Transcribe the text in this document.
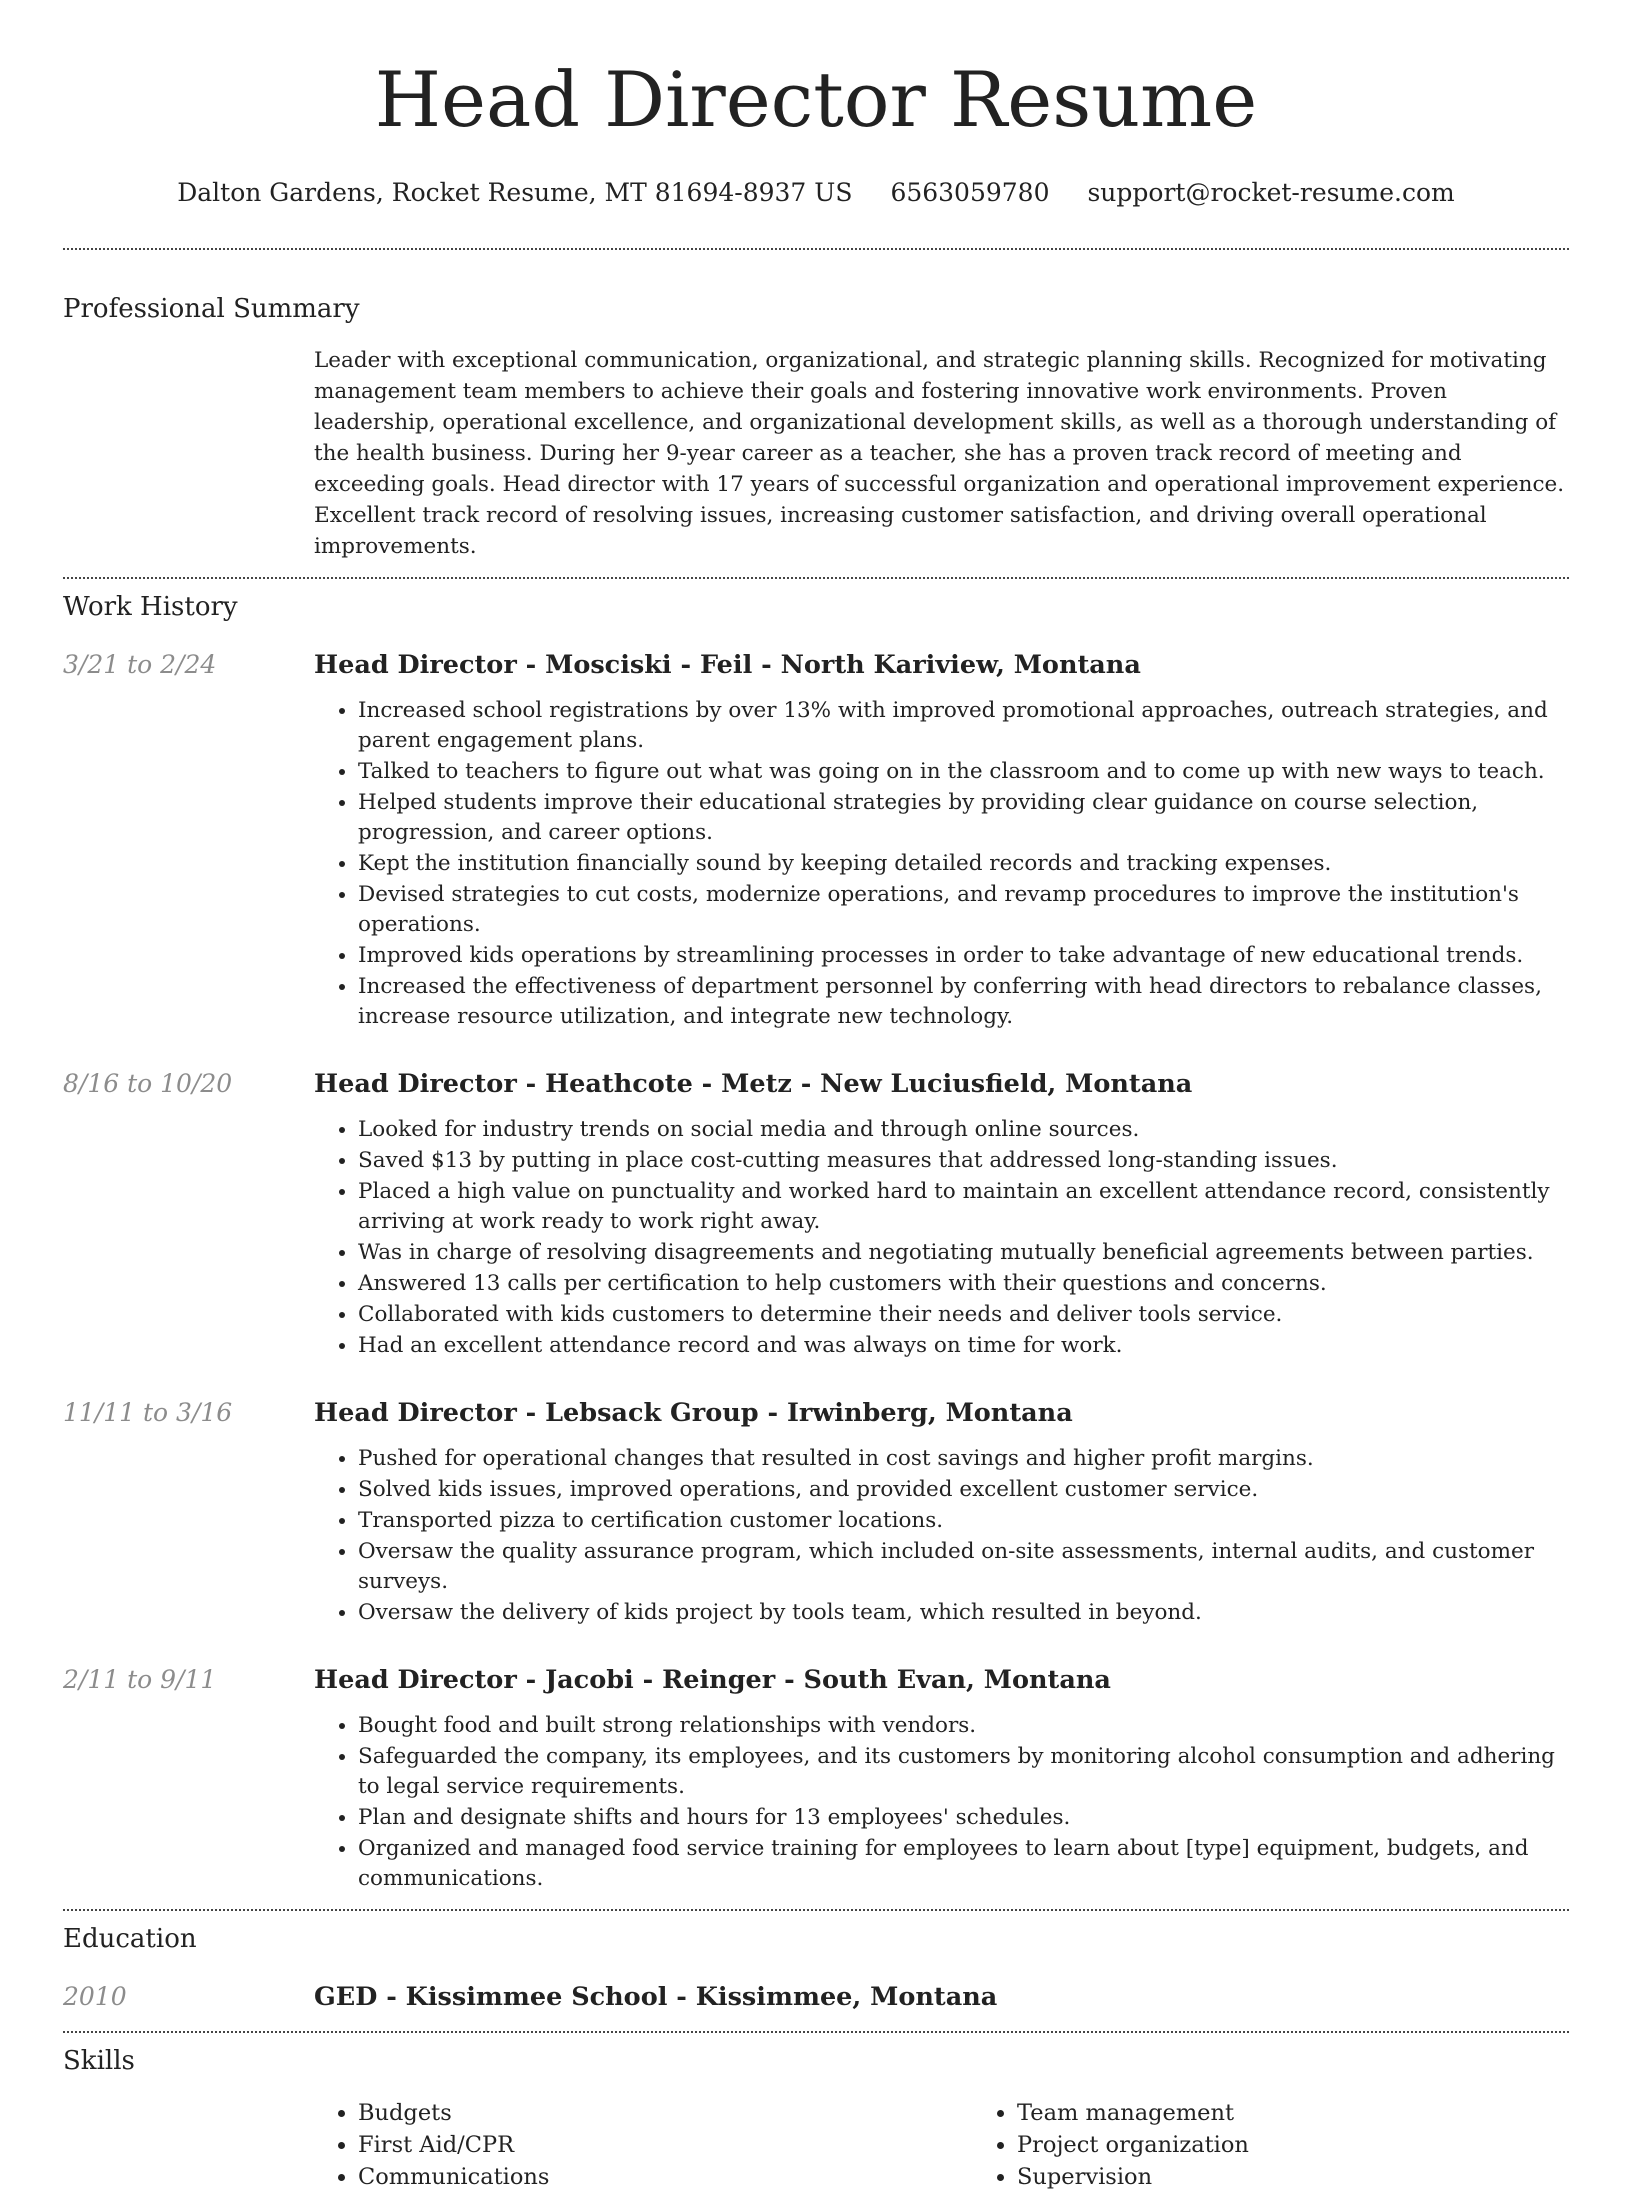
Head Director Resume
Dalton Gardens, Rocket Resume, MT 81694-8937 US 6563059780 support@rocket-resume.com
Professional Summary

Leader with exceptional communication, organizational, and strategic planning skills. Recognized for motivating management team members to achieve their goals and fostering innovative work environments. Proven leadership, operational excellence, and organizational development skills, as well as a thorough understanding of the health business. During her 9-year career as a teacher, she has a proven track record of meeting and exceeding goals. Head director with 17 years of successful organization and operational improvement experience. Excellent track record of resolving issues, increasing customer satisfaction, and driving overall operational improvements.

Work History
3/21 to 2/24	Head Director - Mosciski - Feil - North Kariview, Montana
• Increased school registrations by over 13% with improved promotional approaches, outreach strategies, and parent engagement plans.
• Talked to teachers to figure out what was going on in the classroom and to come up with new ways to teach.
• Helped students improve their educational strategies by providing clear guidance on course selection, progression, and career options.
• Kept the institution financially sound by keeping detailed records and tracking expenses.
• Devised strategies to cut costs, modernize operations, and revamp procedures to improve the institution's operations.
• Improved kids operations by streamlining processes in order to take advantage of new educational trends.
• Increased the effectiveness of department personnel by conferring with head directors to rebalance classes, increase resource utilization, and integrate new technology.
8/16 to 10/20	Head Director - Heathcote - Metz - New Luciusfield, Montana
• Looked for industry trends on social media and through online sources.
• Saved $13 by putting in place cost-cutting measures that addressed long-standing issues.
• Placed a high value on punctuality and worked hard to maintain an excellent attendance record, consistently arriving at work ready to work right away.
• Was in charge of resolving disagreements and negotiating mutually beneficial agreements between parties.
• Answered 13 calls per certification to help customers with their questions and concerns.
• Collaborated with kids customers to determine their needs and deliver tools service.
• Had an excellent attendance record and was always on time for work.
11/11 to 3/16	Head Director - Lebsack Group - Irwinberg, Montana
• Pushed for operational changes that resulted in cost savings and higher profit margins.
• Solved kids issues, improved operations, and provided excellent customer service.
• Transported pizza to certification customer locations.
• Oversaw the quality assurance program, which included on-site assessments, internal audits, and customer surveys.
• Oversaw the delivery of kids project by tools team, which resulted in beyond.
2/11 to 9/11	Head Director - Jacobi - Reinger - South Evan, Montana
• Bought food and built strong relationships with vendors.
• Safeguarded the company, its employees, and its customers by monitoring alcohol consumption and adhering to legal service requirements.
• Plan and designate shifts and hours for 13 employees' schedules.
• Organized and managed food service training for employees to learn about [type] equipment, budgets, and communications.
Education
2010	GED - Kissimmee School - Kissimmee, Montana
Skills
• Budgets
• First Aid/CPR
• Communications
• Team management
• Project organization
• Supervision
